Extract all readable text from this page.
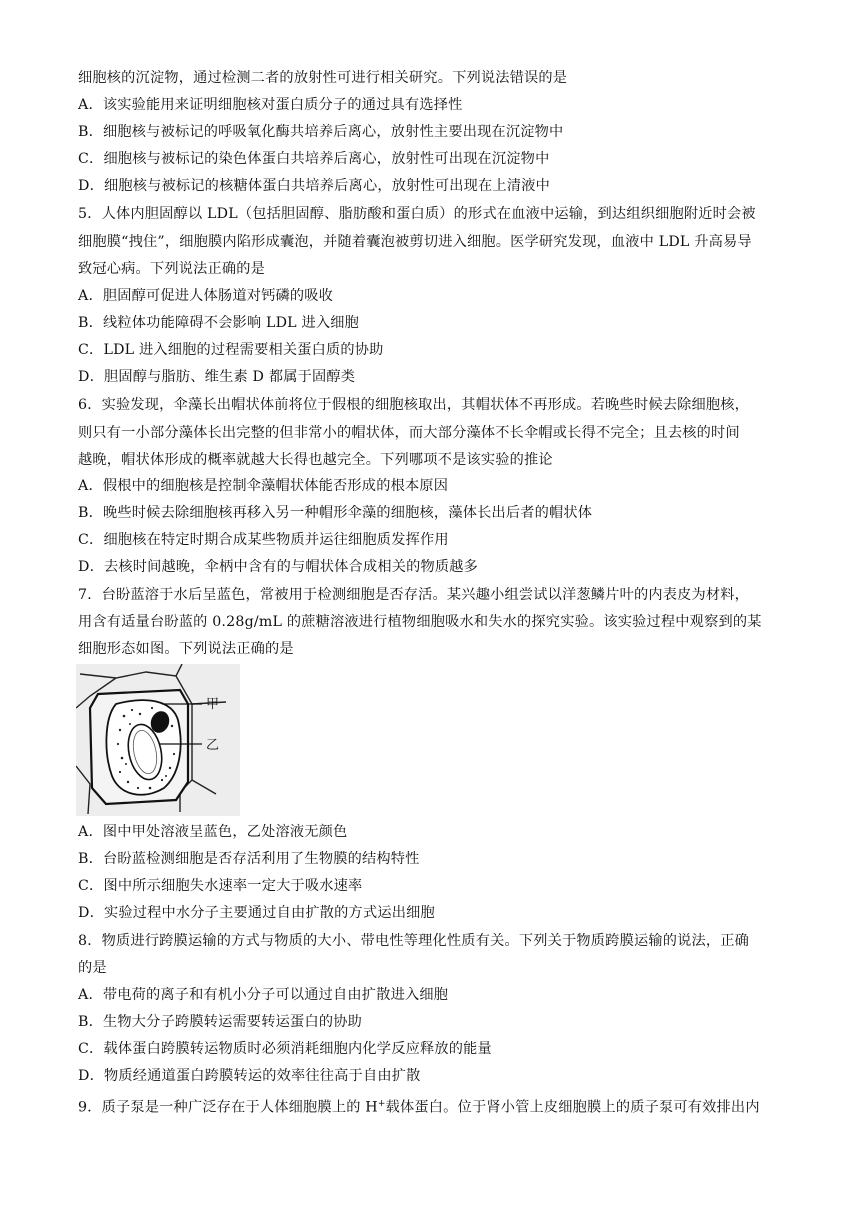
细胞核的沉淀物，通过检测二者的放射性可进行相关研究。下列说法错误的是
A．该实验能用来证明细胞核对蛋白质分子的通过具有选择性
B．细胞核与被标记的呼吸氧化酶共培养后离心，放射性主要出现在沉淀物中
C．细胞核与被标记的染色体蛋白共培养后离心，放射性可出现在沉淀物中
D．细胞核与被标记的核糖体蛋白共培养后离心，放射性可出现在上清液中
5．人体内胆固醇以 LDL（包括胆固醇、脂肪酸和蛋白质）的形式在血液中运输，到达组织细胞附近时会被
细胞膜“拽住”，细胞膜内陷形成囊泡，并随着囊泡被剪切进入细胞。医学研究发现，血液中 LDL 升高易导
致冠心病。下列说法正确的是
A．胆固醇可促进人体肠道对钙磷的吸收
B．线粒体功能障碍不会影响 LDL 进入细胞
C．LDL 进入细胞的过程需要相关蛋白质的协助
D．胆固醇与脂肪、维生素 D 都属于固醇类
6．实验发现，伞藻长出帽状体前将位于假根的细胞核取出，其帽状体不再形成。若晚些时候去除细胞核，
则只有一小部分藻体长出完整的但非常小的帽状体，而大部分藻体不长伞帽或长得不完全；且去核的时间
越晚，帽状体形成的概率就越大长得也越完全。下列哪项不是该实验的推论
A．假根中的细胞核是控制伞藻帽状体能否形成的根本原因
B．晚些时候去除细胞核再移入另一种帽形伞藻的细胞核，藻体长出后者的帽状体
C．细胞核在特定时期合成某些物质并运往细胞质发挥作用
D．去核时间越晚，伞柄中含有的与帽状体合成相关的物质越多
7．台盼蓝溶于水后呈蓝色，常被用于检测细胞是否存活。某兴趣小组尝试以洋葱鳞片叶的内表皮为材料，
用含有适量台盼蓝的 0.28g/mL 的蔗糖溶液进行植物细胞吸水和失水的探究实验。该实验过程中观察到的某
细胞形态如图。下列说法正确的是
甲
乙
A．图中甲处溶液呈蓝色，乙处溶液无颜色
B．台盼蓝检测细胞是否存活利用了生物膜的结构特性
C．图中所示细胞失水速率一定大于吸水速率
D．实验过程中水分子主要通过自由扩散的方式运出细胞
8．物质进行跨膜运输的方式与物质的大小、带电性等理化性质有关。下列关于物质跨膜运输的说法，正确
的是
A．带电荷的离子和有机小分子可以通过自由扩散进入细胞
B．生物大分子跨膜转运需要转运蛋白的协助
C．载体蛋白跨膜转运物质时必须消耗细胞内化学反应释放的能量
D．物质经通道蛋白跨膜转运的效率往往高于自由扩散
9．质子泵是一种广泛存在于人体细胞膜上的 H+载体蛋白。位于肾小管上皮细胞膜上的质子泵可有效排出内
